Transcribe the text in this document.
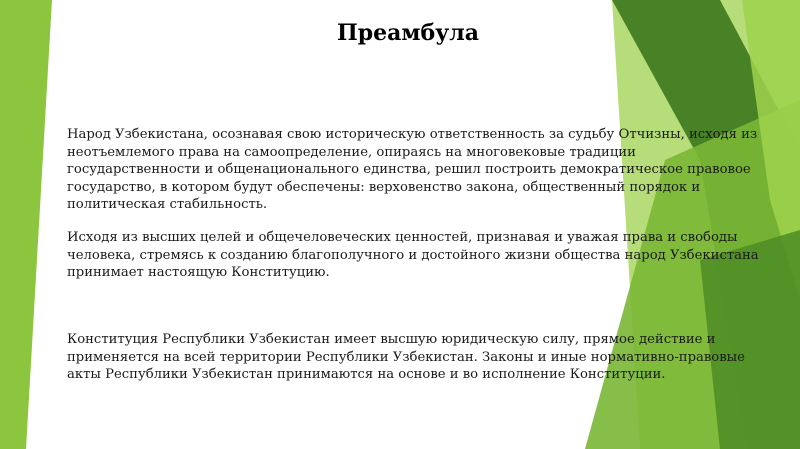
Преамбула

Народ Узбекистана, осознавая свою историческую ответственность за судьбу Отчизны, исходя из неотъемлемого права на самоопределение, опираясь на многовековые традиции государственности и общенационального единства, решил построить демократическое правовое государство, в котором будут обеспечены: верховенство закона, общественный порядок и политическая стабильность.

Исходя из высших целей и общечеловеческих ценностей, признавая и уважая права и свободы человека, стремясь к созданию благополучного и достойного жизни общества народ Узбекистана принимает настоящую Конституцию.

Конституция Республики Узбекистан имеет высшую юридическую силу, прямое действие и применяется на всей территории Республики Узбекистан. Законы и иные нормативно-правовые акты Республики Узбекистан принимаются на основе и во исполнение Конституции.
